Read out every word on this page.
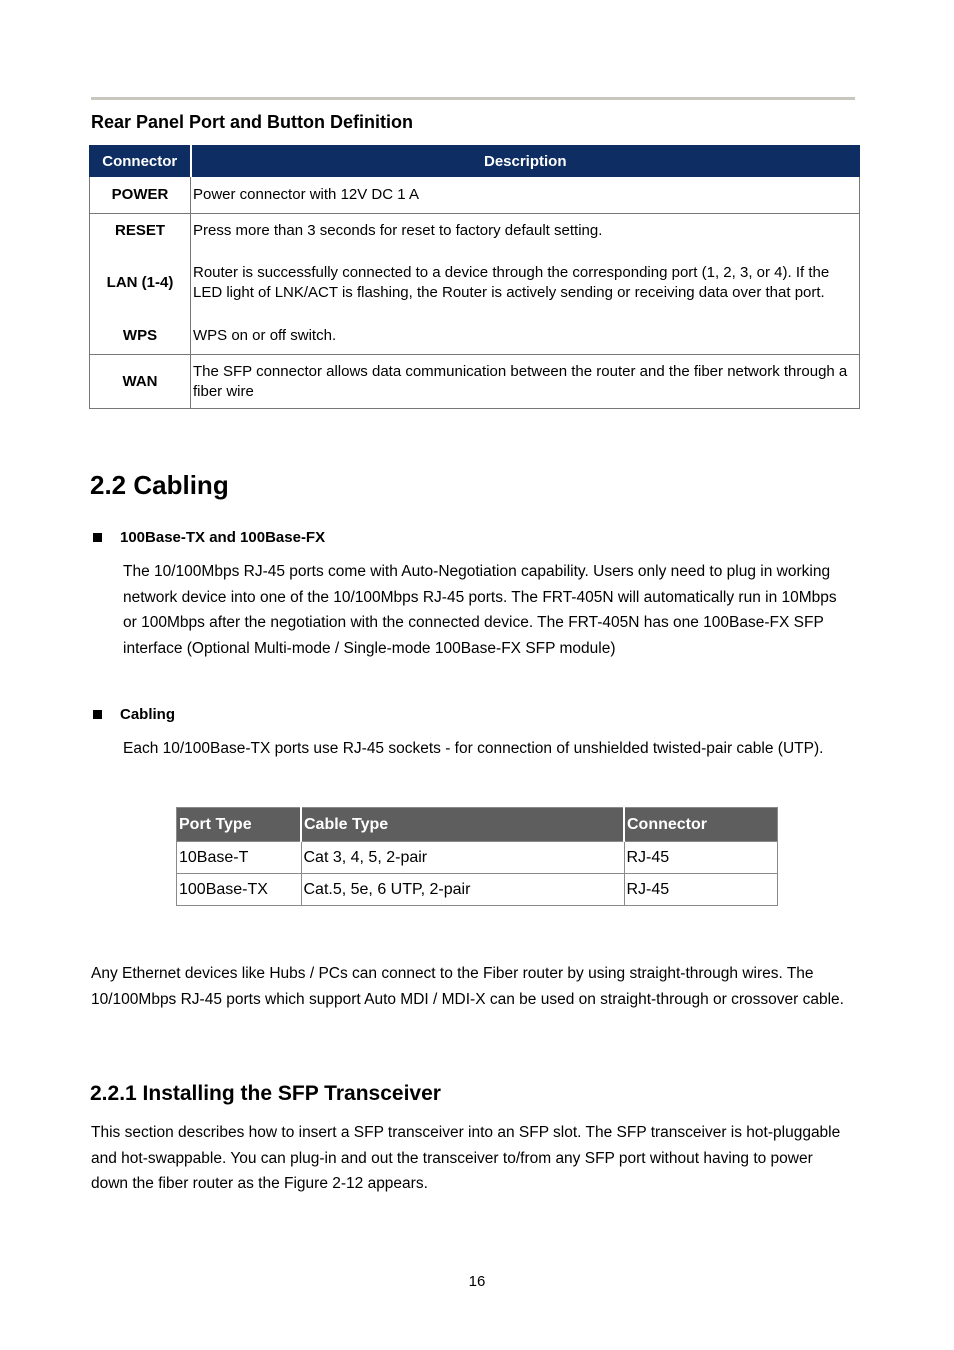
Rear Panel Port and Button Definition
Connector	Description
POWER	Power connector with 12V DC 1 A
RESET	Press more than 3 seconds for reset to factory default setting.
LAN (1-4)	Router is successfully connected to a device through the corresponding port (1, 2, 3, or 4). If the LED light of LNK/ACT is flashing, the Router is actively sending or receiving data over that port.
WPS	WPS on or off switch.
WAN	The SFP connector allows data communication between the router and the fiber network through a fiber wire
2.2 Cabling
100Base-TX and 100Base-FX
The 10/100Mbps RJ-45 ports come with Auto-Negotiation capability. Users only need to plug in working
network device into one of the 10/100Mbps RJ-45 ports. The FRT-405N will automatically run in 10Mbps
or 100Mbps after the negotiation with the connected device. The FRT-405N has one 100Base-FX SFP
interface (Optional Multi-mode / Single-mode 100Base-FX SFP module)
Cabling
Each 10/100Base-TX ports use RJ-45 sockets - for connection of unshielded twisted-pair cable (UTP).
Port Type	Cable Type	Connector
10Base-T	Cat 3, 4, 5, 2-pair	RJ-45
100Base-TX	Cat.5, 5e, 6 UTP, 2-pair	RJ-45
Any Ethernet devices like Hubs / PCs can connect to the Fiber router by using straight-through wires. The
10/100Mbps RJ-45 ports which support Auto MDI / MDI-X can be used on straight-through or crossover cable.
2.2.1 Installing the SFP Transceiver
This section describes how to insert a SFP transceiver into an SFP slot. The SFP transceiver is hot-pluggable
and hot-swappable. You can plug-in and out the transceiver to/from any SFP port without having to power
down the fiber router as the Figure 2-12 appears.
16
